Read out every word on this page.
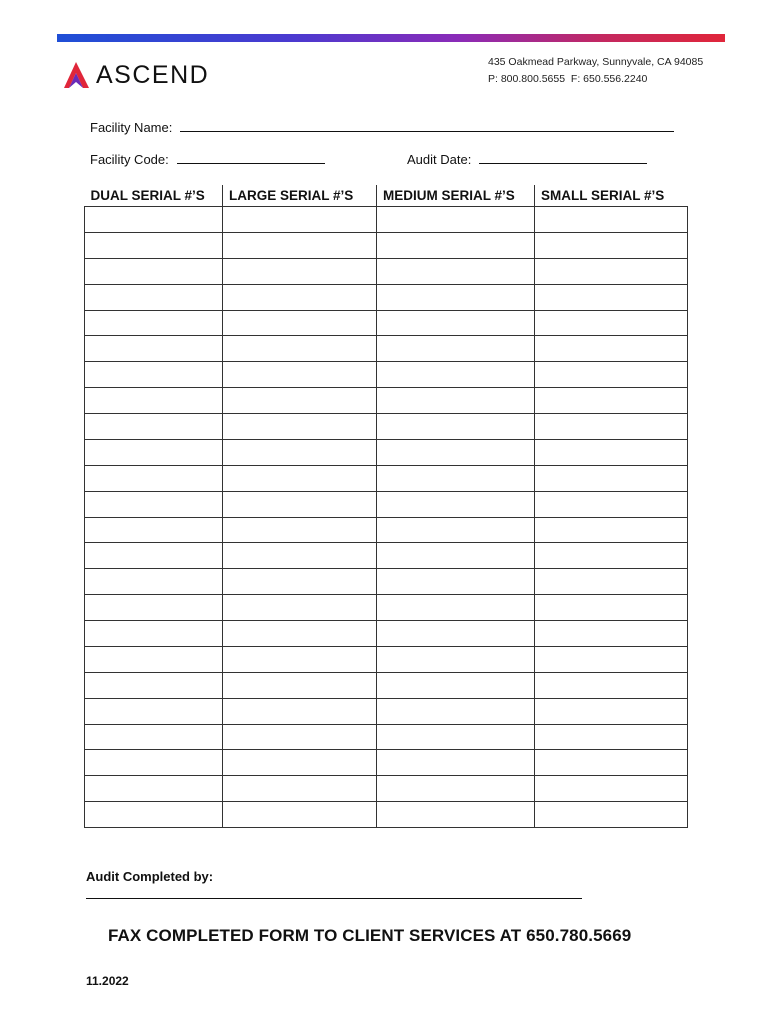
ASCEND	435 Oakmead Parkway, Sunnyvale, CA 94085
P: 800.800.5655  F: 650.556.2240
Facility Name:
Facility Code:	Audit Date:
DUAL SERIAL #’S	LARGE SERIAL #’S	MEDIUM SERIAL #’S	SMALL SERIAL #’S

Audit Completed by:
FAX COMPLETED FORM TO CLIENT SERVICES AT 650.780.5669
11.2022
